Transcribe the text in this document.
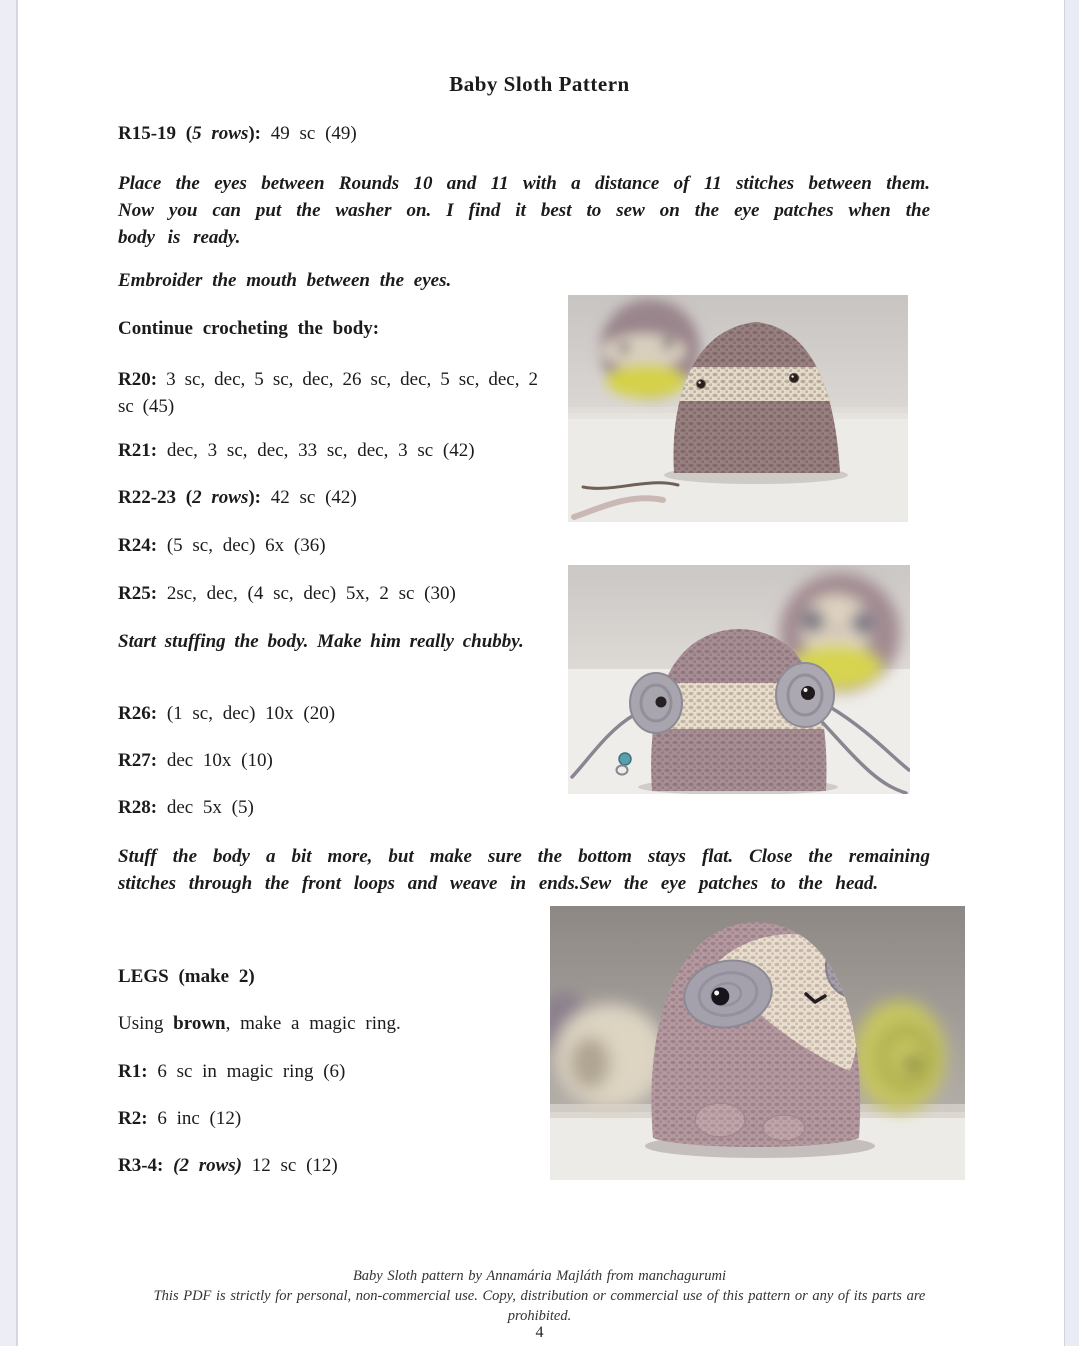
Baby Sloth Pattern
R15-19 (5 rows): 49 sc (49)

Place the eyes between Rounds 10 and 11 with a distance of 11 stitches between them. Now you can put the washer on. I find it best to sew on the eye patches when the body is ready.

Embroider the mouth between the eyes.
Continue crocheting the body:

R20: 3 sc, dec, 5 sc, dec, 26 sc, dec, 5 sc, dec, 2 sc (45)

R21: dec, 3 sc, dec, 33 sc, dec, 3 sc (42)
R22-23 (2 rows): 42 sc (42)
R24: (5 sc, dec) 6x (36)
R25: 2sc, dec, (4 sc, dec) 5x, 2 sc (30)

Start stuffing the body. Make him really chubby.

R26: (1 sc, dec) 10x (20)
R27: dec 10x (10)
R28: dec 5x (5)

Stuff the body a bit more, but make sure the bottom stays flat. Close the remaining stitches through the front loops and weave in ends.Sew the eye patches to the head.

LEGS (make 2)
Using brown, make a magic ring.
R1: 6 sc in magic ring (6)
R2: 6 inc (12)
R3-4: (2 rows) 12 sc (12)
Baby Sloth pattern by Annamária Majláth from manchagurumi
This PDF is strictly for personal, non-commercial use. Copy, distribution or commercial use of this pattern or any of its parts are
prohibited.
4
